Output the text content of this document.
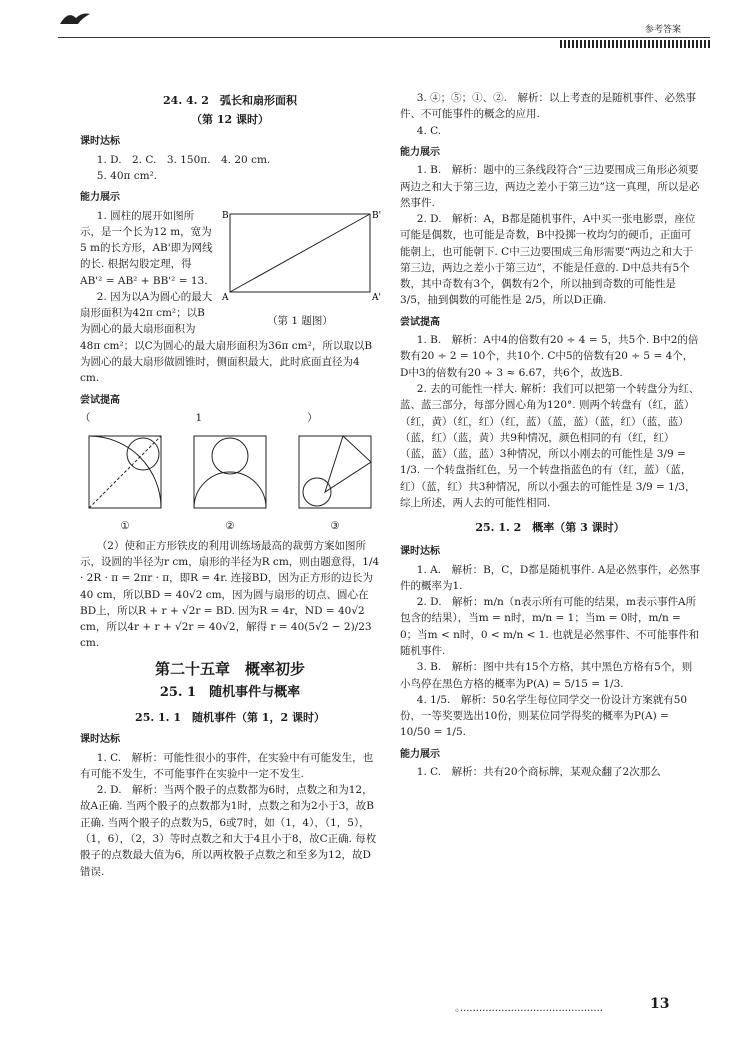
参考答案
24. 4. 2　弧长和扇形面积
（第 12 课时）
课时达标

1. D.　2. C.　3. 150π.　4. 20 cm.

5. 40π cm².

能力展示
B	B'
A	A'
（第 1 题图）

1. 圆柱的展开如图所示，是一个长为12 m，宽为5 m的长方形，AB'即为网线的长. 根据勾股定理，得 AB'² = AB² + BB'² = 13.

2. 因为以A为圆心的最大扇形面积为42π cm²；以B为圆心的最大扇形面积为48π cm²；以C为圆心的最大扇形面积为36π cm²，所以取以B为圆心的最大扇形做圆锥时，侧面积最大，此时底面直径为4 cm.

尝试提高
（　　　　　　　　　　1　　　　　　　　　　）
①	②	③

（2）使和正方形铁皮的利用训练场最高的裁剪方案如图所示，设圆的半径为r cm，扇形的半径为R cm，则由题意得，1/4 · 2R · π = 2πr · π，即R = 4r. 连接BD，因为正方形的边长为40 cm，所以BD = 40√2 cm，因为圆与扇形的切点、圆心在BD上，所以R + r + √2r = BD. 因为R = 4r，ND = 40√2 cm，所以4r + r + √2r = 40√2，解得 r = 40(5√2 − 2)/23 cm.

第二十五章　概率初步
25. 1　随机事件与概率
25. 1. 1　随机事件（第 1，2 课时）
课时达标

1. C.　解析：可能性很小的事件，在实验中有可能发生，也有可能不发生，不可能事件在实验中一定不发生.

2. D.　解析：当两个骰子的点数都为6时，点数之和为12，故A正确. 当两个骰子的点数都为1时，点数之和为2小于3，故B正确. 当两个骰子的点数为5，6或7时，如（1，4），（1，5），（1，6），（2，3）等时点数之和大于4且小于8，故C正确. 每枚骰子的点数最大值为6，所以两枚骰子点数之和至多为12，故D错误.

3. ④；⑤；①、②.　解析：以上考查的是随机事件、必然事件、不可能事件的概念的应用.

4. C.

能力展示

1. B.　解析：题中的三条线段符合“三边要围成三角形必须要两边之和大于第三边，两边之差小于第三边”这一真理，所以是必然事件.

2. D.　解析：A，B都是随机事件，A中买一张电影票，座位可能是偶数，也可能是奇数，B中投掷一枚均匀的硬币，正面可能朝上，也可能朝下. C中三边要围成三角形需要“两边之和大于第三边，两边之差小于第三边”，不能是任意的. D中总共有5个数，其中奇数有3个，偶数有2个，所以抽到奇数的可能性是 3/5，抽到偶数的可能性是 2/5，所以D正确.

尝试提高

1. B.　解析：A中4的倍数有20 ÷ 4 = 5，共5个. B中2的倍数有20 ÷ 2 = 10个，共10个. C中5的倍数有20 ÷ 5 = 4个，D中3的倍数有20 ÷ 3 ≈ 6.67，共6个，故选B.

2. 去的可能性一样大. 解析：我们可以把第一个转盘分为红、蓝、蓝三部分，每部分圆心角为120°. 则两个转盘有（红，蓝）（红，黄）（红，红）（红，蓝）（蓝，蓝）（蓝，红）（蓝，蓝）（蓝，红）（蓝，黄）共9种情况，颜色相同的有（红，红）（蓝，蓝）（蓝，蓝）3种情况，所以小刚去的可能性是 3/9 = 1/3. 一个转盘指红色，另一个转盘指蓝色的有（红，蓝）（蓝，红）（蓝，红）共3种情况，所以小强去的可能性是 3/9 = 1/3，综上所述，两人去的可能性相同.

25. 1. 2　概率（第 3 课时）
课时达标

1. A.　解析：B，C，D都是随机事件. A是必然事件，必然事件的概率为1.

2. D.　解析：m/n（n表示所有可能的结果，m表示事件A所包含的结果），当m = n时，m/n = 1；当m = 0时，m/n = 0；当m < n时，0 < m/n < 1. 也就是必然事件、不可能事件和随机事件.

3. B.　解析：图中共有15个方格，其中黑色方格有5个，则小鸟停在黑色方格的概率为P(A) = 5/15 = 1/3.

4. 1/5.　解析：50名学生每位同学交一份设计方案就有50份，一等奖要选出10份，则某位同学得奖的概率为P(A) = 10/50 = 1/5.

能力展示

1. C.　解析：共有20个商标牌，某观众翻了2次那么

◦·············································	13
